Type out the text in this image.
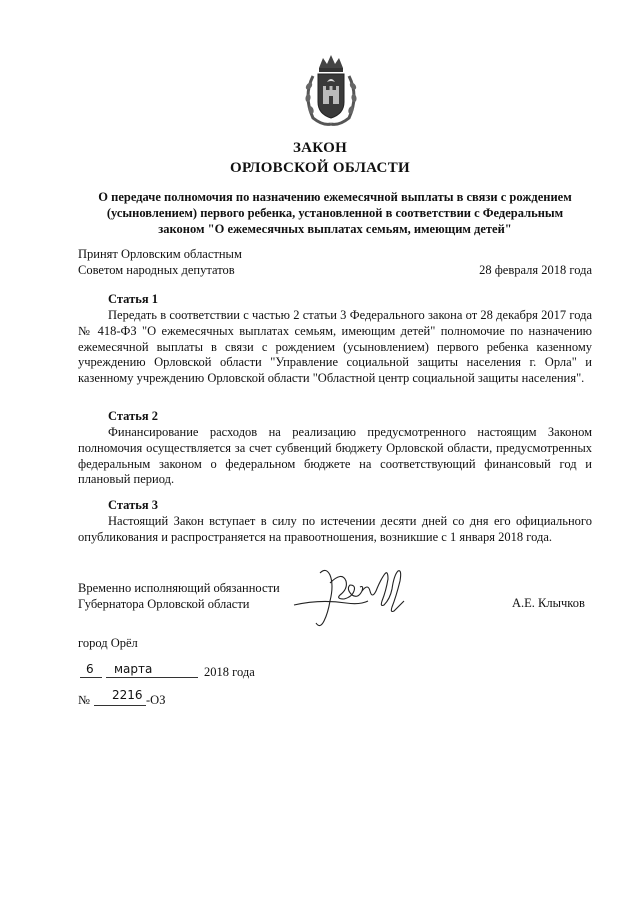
ЗАКОН
ОРЛОВСКОЙ ОБЛАСТИ
О передаче полномочия по назначению ежемесячной выплаты в связи с рождением
(усыновлением) первого ребенка, установленной в соответствии с Федеральным
законом "О ежемесячных выплатах семьям, имеющим детей"
Принят Орловским областным
Советом народных депутатов	28 февраля 2018 года
Статья 1
Передать в соответствии с частью 2 статьи 3 Федерального закона от 28 декабря 2017 года № 418-ФЗ "О ежемесячных выплатах семьям, имеющим детей" полномочие по назначению ежемесячной выплаты в связи с рождением (усыновлением) первого ребенка казенному учреждению Орловской области "Управление социальной защиты населения г. Орла" и казенному учреждению Орловской области "Областной центр социальной защиты населения".
Статья 2
Финансирование расходов на реализацию предусмотренного настоящим Законом полномочия осуществляется за счет субвенций бюджету Орловской области, предусмотренных федеральным законом о федеральном бюджете на соответствующий финансовый год и плановый период.
Статья 3
Настоящий Закон вступает в силу по истечении десяти дней со дня его официального опубликования и распространяется на правоотношения, возникшие с 1 января 2018 года.
Временно исполняющий обязанности
Губернатора Орловской области	А.Е. Клычков
город Орёл
6 марта	2018 года
№ 2216 -ОЗ
